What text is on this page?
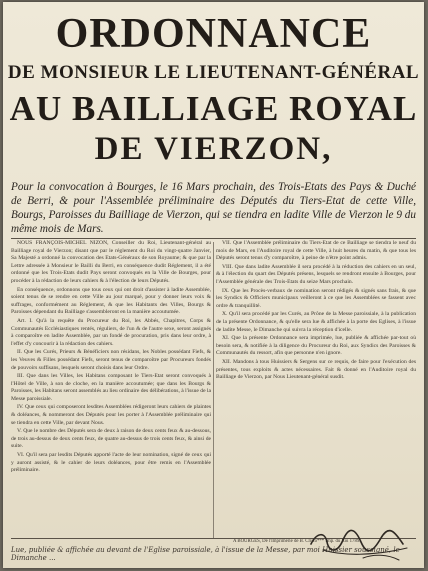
ORDONNANCE
DE MONSIEUR LE LIEUTENANT-GÉNÉRAL
AU BAILLIAGE ROYAL
DE VIERZON,
Pour la convocation à Bourges, le 16 Mars prochain, des Trois-Etats des Pays & Duché de Berri, & pour l'Assemblée préliminaire des Députés du Tiers-Etat de cette Ville, Bourgs, Paroisses du Bailliage de Vierzon, qui se tiendra en ladite Ville de Vierzon le 9 du même mois de Mars.

NOUS FRANÇOIS-MICHEL NIZON, Conseiller du Roi, Lieutenant-général au Bailliage royal de Vierzon; disant que par le réglement du Roi du vingt-quatre Janvier, Sa Majesté a ordonné la convocation des Etats-Généraux de son Royaume; & que par la Lettre adressée à Monsieur le Bailli du Berri, en conséquence dudit Réglement, il a été ordonné que les Trois-Etats dudit Pays seront convoqués en la Ville de Bourges, pour procéder à la rédaction de leurs cahiers & à l'élection de leurs Députés.

En conséquence, ordonnons que tous ceux qui ont droit d'assister à ladite Assemblée, soient tenus de se rendre en cette Ville au jour marqué, pour y donner leurs voix & suffrages, conformément au Réglement, & que les Habitants des Villes, Bourgs & Paroisses dépendant du Bailliage s'assembleront en la manière accoutumée.

Art. I. Qu'à la requête du Procureur du Roi, les Abbés, Chapitres, Corps & Communautés Ecclésiastiques rentés, réguliers, de l'un & de l'autre sexe, seront assignés à comparoître en ladite Assemblée, par un fondé de procuration, pris dans leur ordre, à l'effet d'y concourir à la rédaction des cahiers.

II. Que les Curés, Prieurs & Bénéficiers non résidans, les Nobles possédant Fiefs, & les Veuves & Filles possédant Fiefs, seront tenus de comparoître par Procureurs fondés de pouvoirs suffisans, lesquels seront choisis dans leur Ordre.

III. Que dans les Villes, les Habitans composant le Tiers-Etat seront convoqués à l'Hôtel de Ville, à son de cloche, en la manière accoutumée; que dans les Bourgs & Paroisses, les Habitans seront assemblés au lieu ordinaire des délibérations, à l'issue de la Messe paroissiale.

IV. Que ceux qui composeront lesdites Assemblées rédigeront leurs cahiers de plaintes & doléances, & nommeront des Députés pour les porter à l'Assemblée préliminaire qui se tiendra en cette Ville, par devant Nous.

V. Que le nombre des Députés sera de deux à raison de deux cents feux & au-dessous, de trois au-dessus de deux cents feux, de quatre au-dessus de trois cents feux, & ainsi de suite.

VI. Qu'il sera par lesdits Députés apporté l'acte de leur nomination, signé de ceux qui y auront assisté, & le cahier de leurs doléances, pour être remis en l'Assemblée préliminaire.

VII. Que l'Assemblée préliminaire du Tiers-Etat de ce Bailliage se tiendra le neuf du mois de Mars, en l'Auditoire royal de cette Ville, à huit heures du matin, & que tous les Députés seront tenus d'y comparoître, à peine de n'être point admis.

VIII. Que dans ladite Assemblée il sera procédé à la réduction des cahiers en un seul, & à l'élection du quart des Députés présens, lesquels se rendront ensuite à Bourges, pour l'Assemblée générale des Trois-Etats du seize Mars prochain.

IX. Que les Procès-verbaux de nomination seront rédigés & signés sans frais, & que les Syndics & Officiers municipaux veilleront à ce que les Assemblées se fassent avec ordre & tranquillité.

X. Qu'il sera procédé par les Curés, au Prône de la Messe paroissiale, à la publication de la présente Ordonnance, & qu'elle sera lue & affichée à la porte des Eglises, à l'issue de ladite Messe, le Dimanche qui suivra la réception d'icelle.

XI. Que la présente Ordonnance sera imprimée, lue, publiée & affichée par-tout où besoin sera, & notifiée à la diligence du Procureur du Roi, aux Syndics des Paroisses & Communautés du ressort, afin que personne n'en ignore.

XII. Mandons à tous Huissiers & Sergens sur ce requis, de faire pour l'exécution des présentes, tous exploits & actes nécessaires. Fait & donné en l'Auditoire royal du Bailliage de Vierzon, par Nous Lieutenant-général susdit.

A BOURGES, De l'Imprimerie de B. Cristo*** Imp. du Roi 1789.
Lue, publiée & affichée au devant de l'Eglise paroissiale, à l'issue de la Messe, par moi Huissier soussigné, le Dimanche ...
